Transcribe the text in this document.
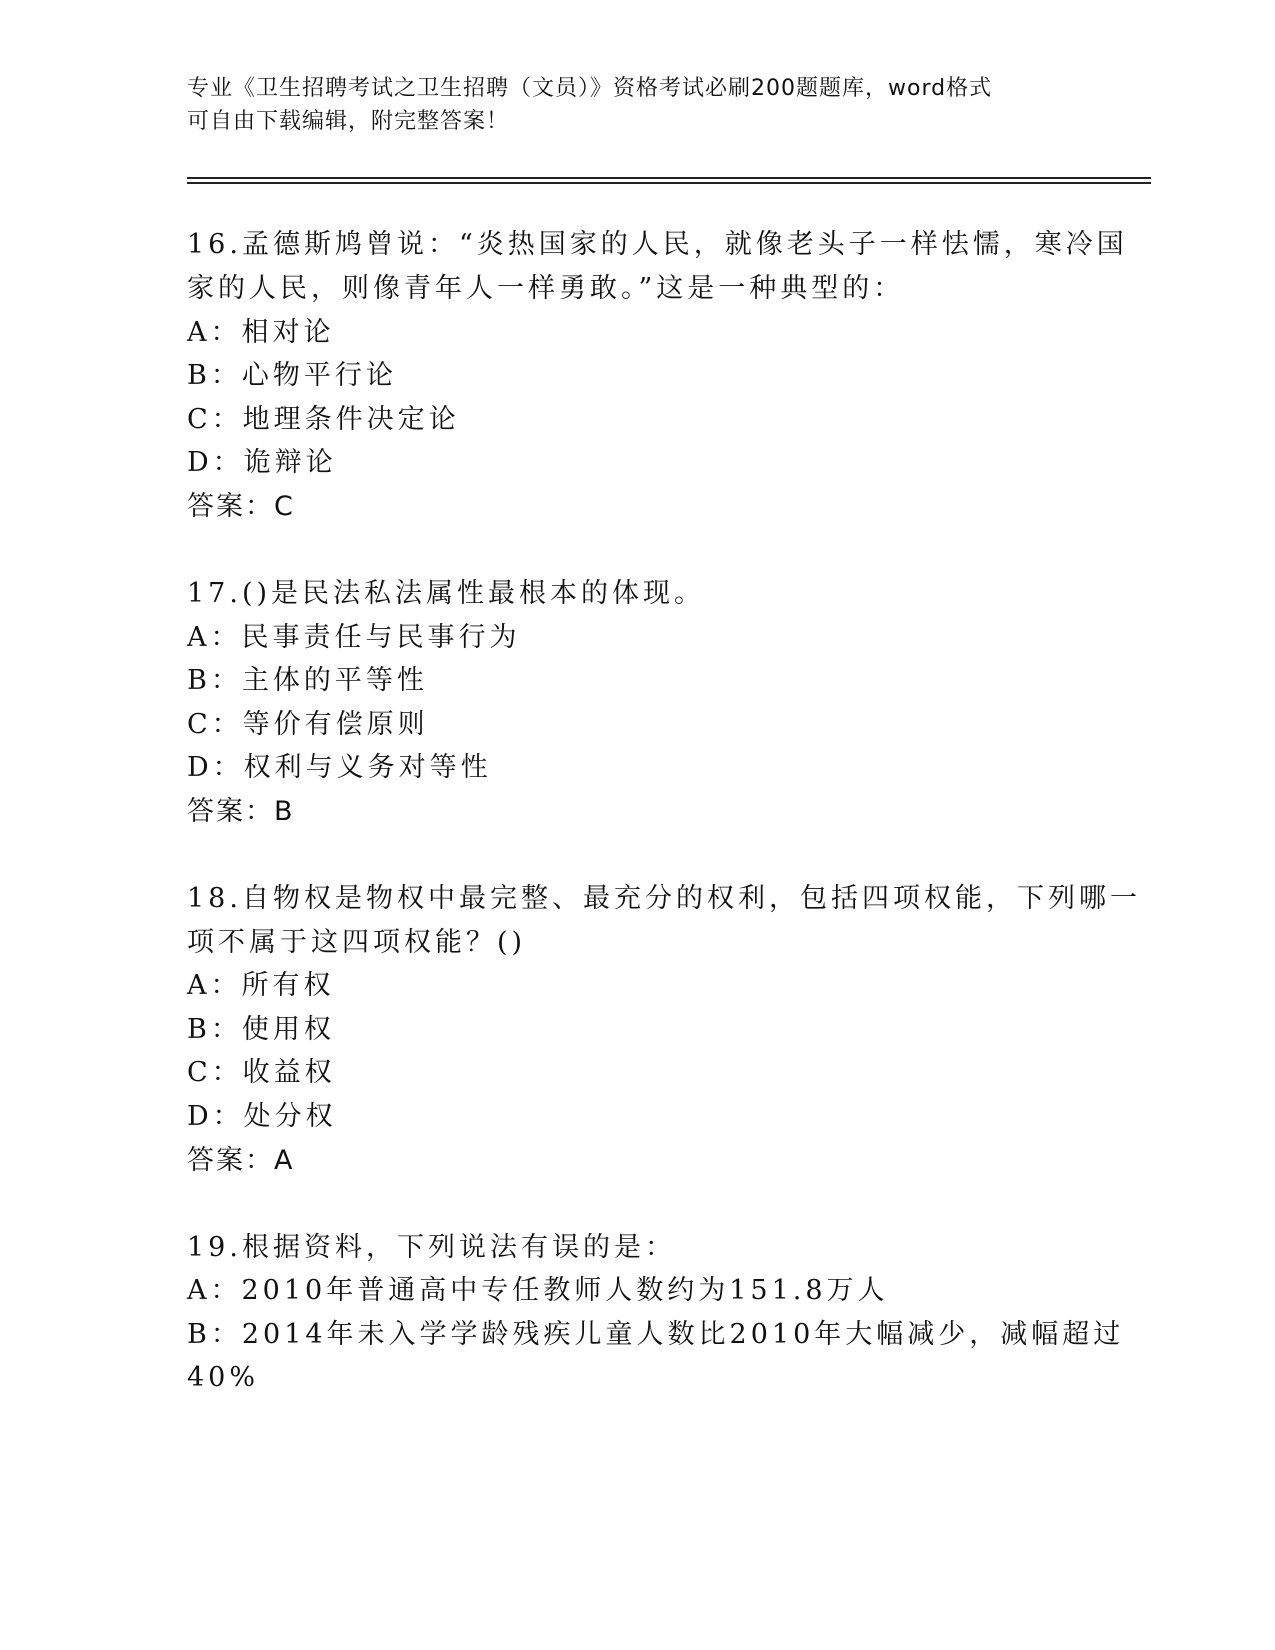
专业《卫生招聘考试之卫生招聘（文员）》资格考试必刷200题题库，word格式
可自由下载编辑，附完整答案！
16.孟德斯鸠曾说：“炎热国家的人民，就像老头子一样怯懦，寒冷国
家的人民，则像青年人一样勇敢。”这是一种典型的：
A：相对论
B：心物平行论
C：地理条件决定论
D：诡辩论
答案：C
17.()是民法私法属性最根本的体现。
A：民事责任与民事行为
B：主体的平等性
C：等价有偿原则
D：权利与义务对等性
答案：B
18.自物权是物权中最完整、最充分的权利，包括四项权能，下列哪一
项不属于这四项权能？()
A：所有权
B：使用权
C：收益权
D：处分权
答案：A
19.根据资料，下列说法有误的是：
A：2010年普通高中专任教师人数约为151.8万人
B：2014年未入学学龄残疾儿童人数比2010年大幅减少，减幅超过
40%
